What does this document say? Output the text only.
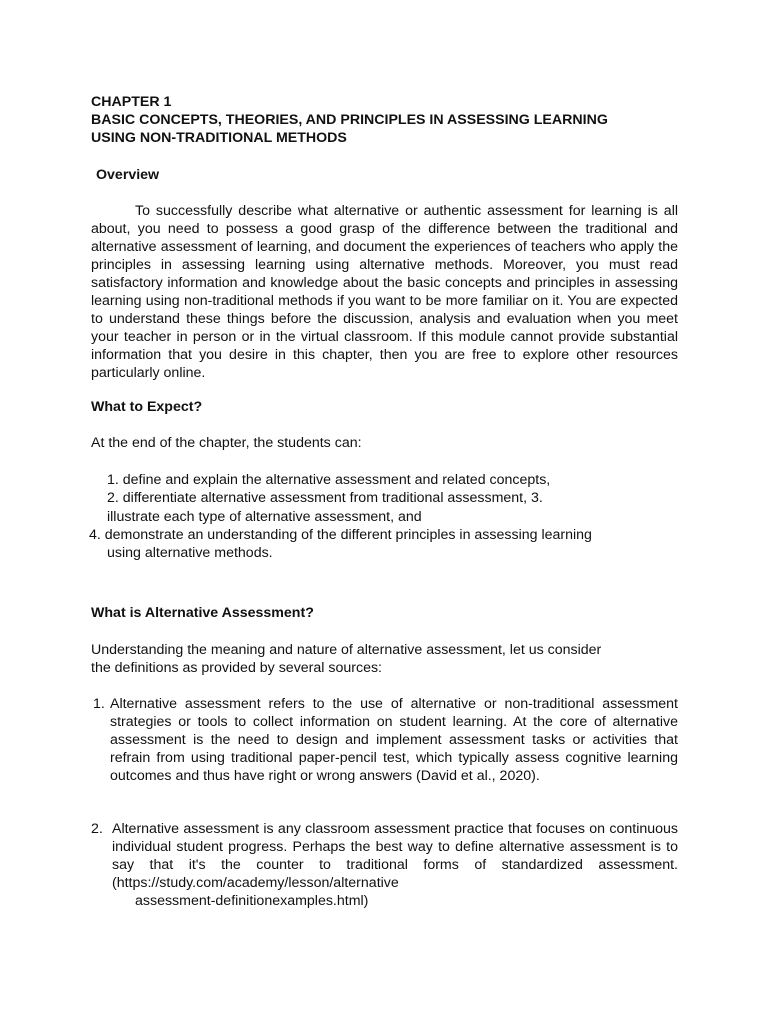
CHAPTER 1
BASIC CONCEPTS, THEORIES, AND PRINCIPLES IN ASSESSING LEARNING
USING NON-TRADITIONAL METHODS
Overview

To successfully describe what alternative or authentic assessment for learning is all about, you need to possess a good grasp of the difference between the traditional and alternative assessment of learning, and document the experiences of teachers who apply the principles in assessing learning using alternative methods. Moreover, you must read satisfactory information and knowledge about the basic concepts and principles in assessing learning using non-traditional methods if you want to be more familiar on it. You are expected to understand these things before the discussion, analysis and evaluation when you meet your teacher in person or in the virtual classroom. If this module cannot provide substantial information that you desire in this chapter, then you are free to explore other resources particularly online.

What to Expect?
At the end of the chapter, the students can:
1. define and explain the alternative assessment and related concepts,
2. differentiate alternative assessment from traditional assessment, 3.
illustrate each type of alternative assessment, and
4. demonstrate an understanding of the different principles in assessing learning
using alternative methods.
What is Alternative Assessment?
Understanding the meaning and nature of alternative assessment, let us consider
the definitions as provided by several sources:
1. Alternative assessment refers to the use of alternative or non-traditional assessment strategies or tools to collect information on student learning. At the core of alternative assessment is the need to design and implement assessment tasks or activities that refrain from using traditional paper-pencil test, which typically assess cognitive learning outcomes and thus have right or wrong answers (David et al., 2020).

2. Alternative assessment is any classroom assessment practice that focuses on continuous individual student progress. Perhaps the best way to define alternative assessment is to say that it's the counter to traditional forms of standardized assessment.(https://study.com/academy/lesson/alternative

assessment-definitionexamples.html)
